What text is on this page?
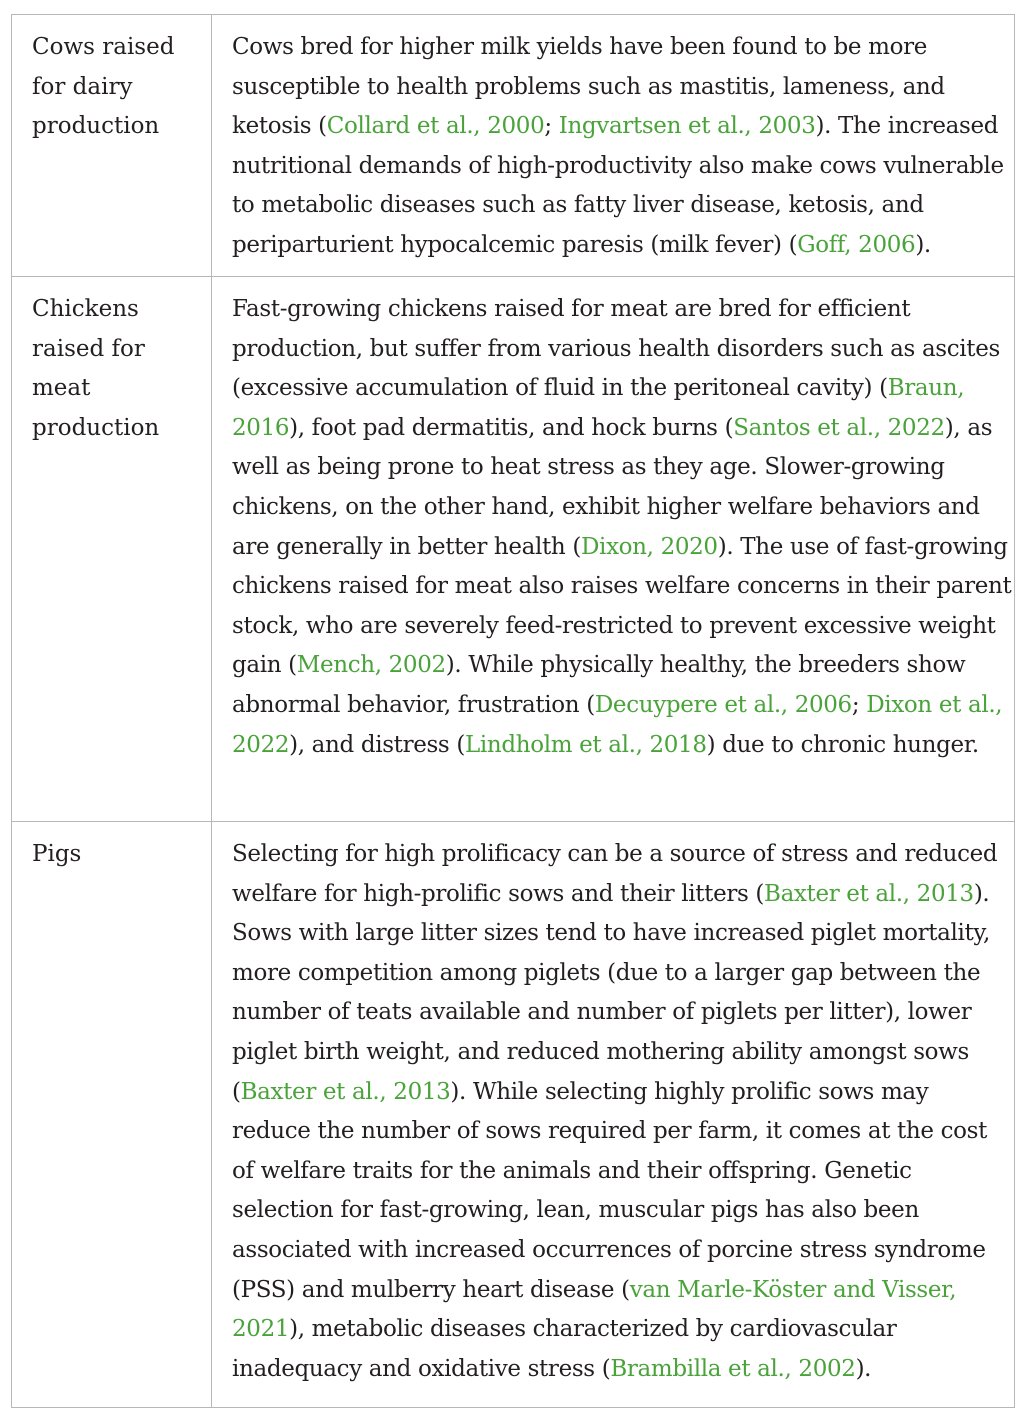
Cows raised for dairy production	Cows bred for higher milk yields have been found to be more susceptible to health problems such as mastitis, lameness, and ketosis (Collard et al., 2000; Ingvartsen et al., 2003). The increased nutritional demands of high-productivity also make cows vulnerable to metabolic diseases such as fatty liver disease, ketosis, and periparturient hypocalcemic paresis (milk fever) (Goff, 2006).

Chickens raised for meat production	Fast-growing chickens raised for meat are bred for efficient production, but suffer from various health disorders such as ascites (excessive accumulation of fluid in the peritoneal cavity) (Braun, 2016), foot pad dermatitis, and hock burns (Santos et al., 2022), as well as being prone to heat stress as they age. Slower-growing chickens, on the other hand, exhibit higher welfare behaviors and are generally in better health (Dixon, 2020). The use of fast-growing chickens raised for meat also raises welfare concerns in their parent stock, who are severely feed-restricted to prevent excessive weight gain (Mench, 2002). While physically healthy, the breeders show abnormal behavior, frustration (Decuypere et al., 2006; Dixon et al., 2022), and distress (Lindholm et al., 2018) due to chronic hunger.

Pigs	Selecting for high prolificacy can be a source of stress and reduced welfare for high-prolific sows and their litters (Baxter et al., 2013). Sows with large litter sizes tend to have increased piglet mortality, more competition among piglets (due to a larger gap between the number of teats available and number of piglets per litter), lower piglet birth weight, and reduced mothering ability amongst sows (Baxter et al., 2013). While selecting highly prolific sows may reduce the number of sows required per farm, it comes at the cost of welfare traits for the animals and their offspring. Genetic selection for fast-growing, lean, muscular pigs has also been associated with increased occurrences of porcine stress syndrome (PSS) and mulberry heart disease (van Marle-Köster and Visser, 2021), metabolic diseases characterized by cardiovascular inadequacy and oxidative stress (Brambilla et al., 2002).
